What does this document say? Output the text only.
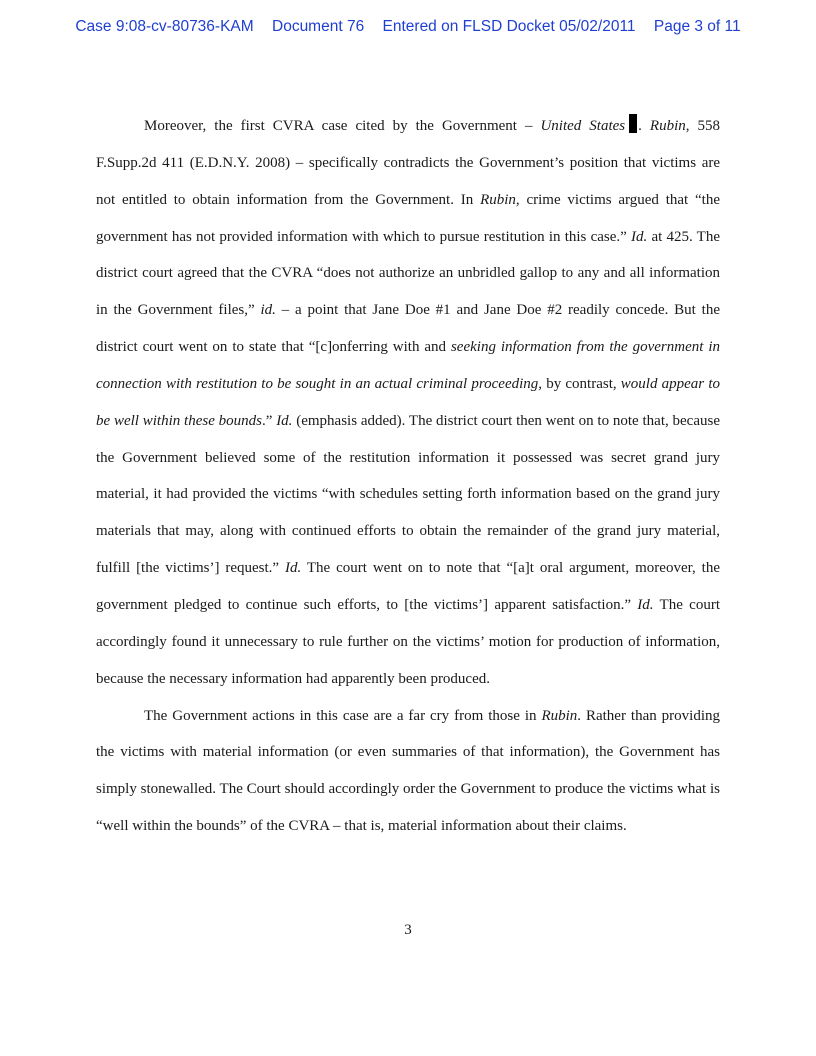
Case 9:08-cv-80736-KAM Document 76 Entered on FLSD Docket 05/02/2011 Page 3 of 11

Moreover, the first CVRA case cited by the Government – United States . Rubin, 558 F.Supp.2d 411 (E.D.N.Y. 2008) – specifically contradicts the Government’s position that victims are not entitled to obtain information from the Government. In Rubin, crime victims argued that “the government has not provided information with which to pursue restitution in this case.” Id. at 425. The district court agreed that the CVRA “does not authorize an unbridled gallop to any and all information in the Government files,” id. – a point that Jane Doe #1 and Jane Doe #2 readily concede. But the district court went on to state that “[c]onferring with and seeking information from the government in connection with restitution to be sought in an actual criminal proceeding, by contrast, would appear to be well within these bounds.” Id. (emphasis added). The district court then went on to note that, because the Government believed some of the restitution information it possessed was secret grand jury material, it had provided the victims “with schedules setting forth information based on the grand jury materials that may, along with continued efforts to obtain the remainder of the grand jury material, fulfill [the victims’] request.” Id. The court went on to note that “[a]t oral argument, moreover, the government pledged to continue such efforts, to [the victims’] apparent satisfaction.” Id. The court accordingly found it unnecessary to rule further on the victims’ motion for production of information, because the necessary information had apparently been produced.

The Government actions in this case are a far cry from those in Rubin. Rather than providing the victims with material information (or even summaries of that information), the Government has simply stonewalled. The Court should accordingly order the Government to produce the victims what is “well within the bounds” of the CVRA – that is, material information about their claims.

3
